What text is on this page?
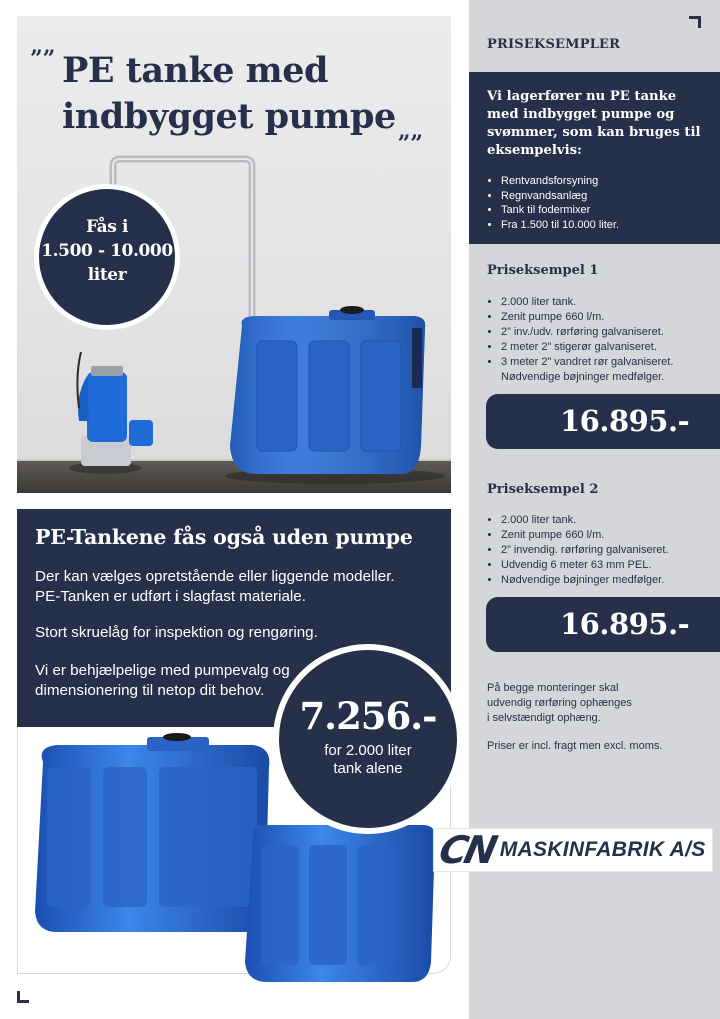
PRISEKSEMPLER
Vi lagerfører nu PE tanke med indbygget pumpe og svømmer, som kan bruges til eksempelvis:
• Rentvandsforsyning
• Regnvandsanlæg
• Tank til fodermixer
• Fra 1.500 til 10.000 liter.
Priseksempel 1
• 2.000 liter tank.
• Zenit pumpe 660 l/m.
• 2” inv./udv. rørføring galvaniseret.
• 2 meter 2” stigerør galvaniseret.
• 3 meter 2” vandret rør galvaniseret. Nødvendige bøjninger medfølger.
16.895.-
Priseksempel 2
• 2.000 liter tank.
• Zenit pumpe 660 l/m.
• 2” invendig. rørføring galvaniseret.
• Udvendig 6 meter 63 mm PEL.
• Nødvendige bøjninger medfølger.
16.895.-
På begge monteringer skal
udvendig rørføring ophænges
i selvstændigt ophæng.
Priser er incl. fragt men excl. moms.
”” PE tanke med
indbygget pumpe „„
Fås i
1.500 - 10.000
liter
PE-Tankene fås også uden pumpe
Der kan vælges opretstående eller liggende modeller.
PE-Tanken er udført i slagfast materiale.
Stort skruelåg for inspektion og rengøring.
Vi er behjælpelige med pumpevalg og
dimensionering til netop dit behov.
7.256.-
for 2.000 liter
tank alene
CN MASKINFABRIK A/S
